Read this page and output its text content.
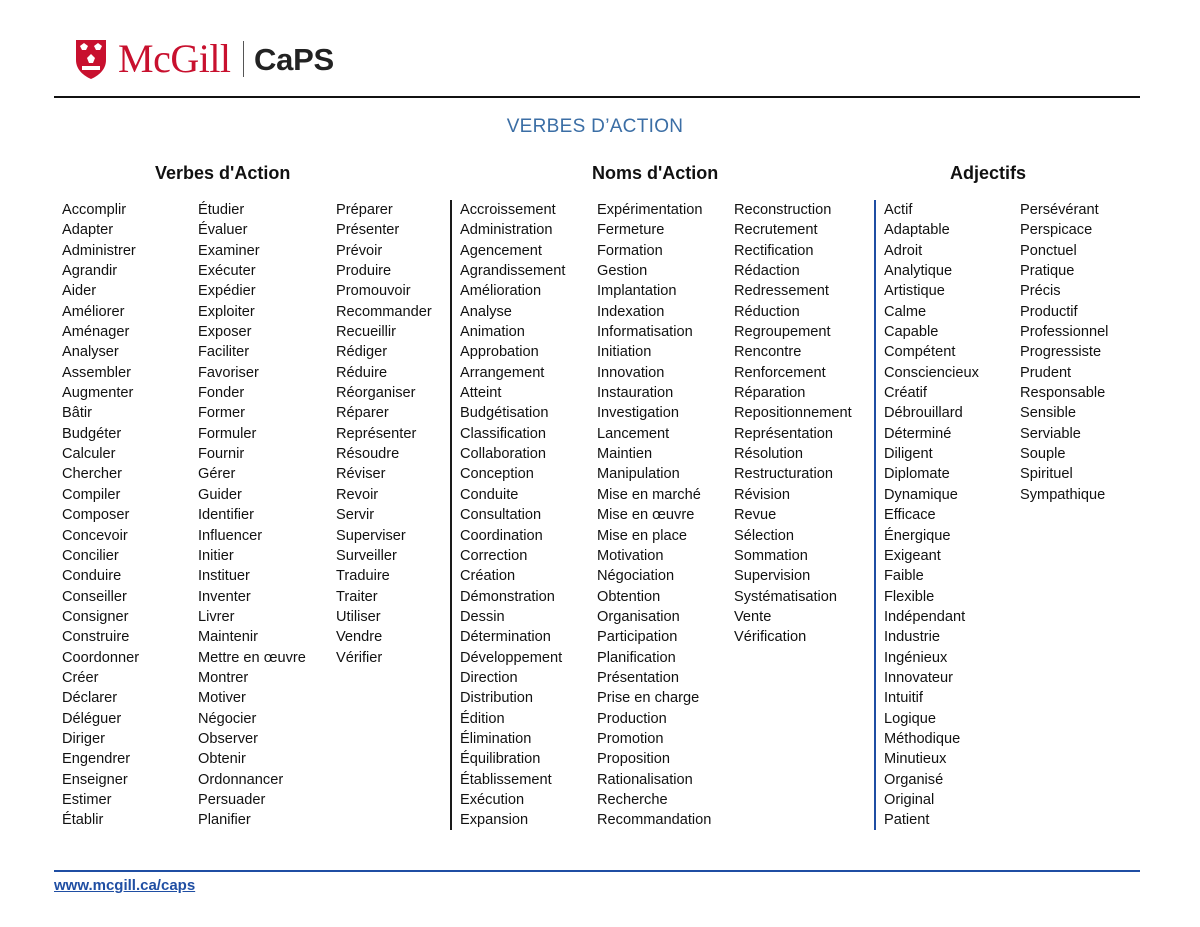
McGill CaPS
VERBES D’ACTION
Verbes d'Action	Noms d'Action	Adjectifs
Accomplir
Adapter
Administrer
Agrandir
Aider
Améliorer
Aménager
Analyser
Assembler
Augmenter
Bâtir
Budgéter
Calculer
Chercher
Compiler
Composer
Concevoir
Concilier
Conduire
Conseiller
Consigner
Construire
Coordonner
Créer
Déclarer
Déléguer
Diriger
Engendrer
Enseigner
Estimer
Établir
Étudier
Évaluer
Examiner
Exécuter
Expédier
Exploiter
Exposer
Faciliter
Favoriser
Fonder
Former
Formuler
Fournir
Gérer
Guider
Identifier
Influencer
Initier
Instituer
Inventer
Livrer
Maintenir
Mettre en œuvre
Montrer
Motiver
Négocier
Observer
Obtenir
Ordonnancer
Persuader
Planifier
Préparer
Présenter
Prévoir
Produire
Promouvoir
Recommander
Recueillir
Rédiger
Réduire
Réorganiser
Réparer
Représenter
Résoudre
Réviser
Revoir
Servir
Superviser
Surveiller
Traduire
Traiter
Utiliser
Vendre
Vérifier
Accroissement
Administration
Agencement
Agrandissement
Amélioration
Analyse
Animation
Approbation
Arrangement
Atteint
Budgétisation
Classification
Collaboration
Conception
Conduite
Consultation
Coordination
Correction
Création
Démonstration
Dessin
Détermination
Développement
Direction
Distribution
Édition
Élimination
Équilibration
Établissement
Exécution
Expansion
Expérimentation
Fermeture
Formation
Gestion
Implantation
Indexation
Informatisation
Initiation
Innovation
Instauration
Investigation
Lancement
Maintien
Manipulation
Mise en marché
Mise en œuvre
Mise en place
Motivation
Négociation
Obtention
Organisation
Participation
Planification
Présentation
Prise en charge
Production
Promotion
Proposition
Rationalisation
Recherche
Recommandation
Reconstruction
Recrutement
Rectification
Rédaction
Redressement
Réduction
Regroupement
Rencontre
Renforcement
Réparation
Repositionnement
Représentation
Résolution
Restructuration
Révision
Revue
Sélection
Sommation
Supervision
Systématisation
Vente
Vérification
Actif
Adaptable
Adroit
Analytique
Artistique
Calme
Capable
Compétent
Consciencieux
Créatif
Débrouillard
Déterminé
Diligent
Diplomate
Dynamique
Efficace
Énergique
Exigeant
Faible
Flexible
Indépendant
Industrie
Ingénieux
Innovateur
Intuitif
Logique
Méthodique
Minutieux
Organisé
Original
Patient
Persévérant
Perspicace
Ponctuel
Pratique
Précis
Productif
Professionnel
Progressiste
Prudent
Responsable
Sensible
Serviable
Souple
Spirituel
Sympathique
www.mcgill.ca/caps
